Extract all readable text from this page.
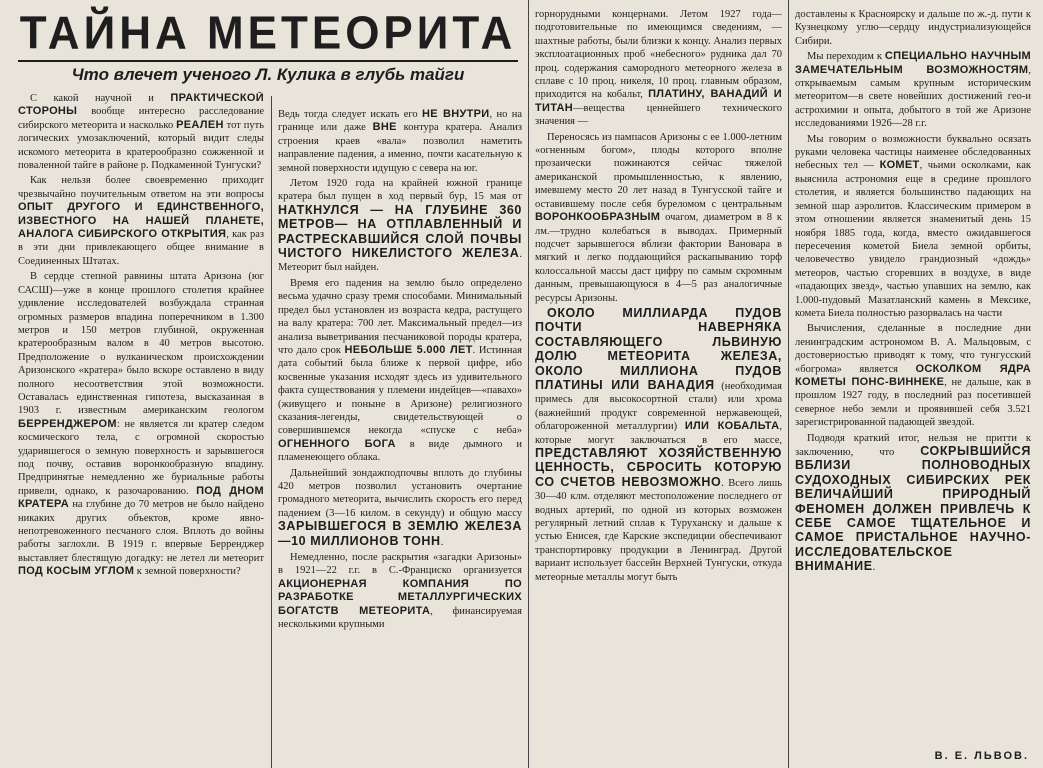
ТАЙНА МЕТЕОРИТА
Что влечет ученого Л. Кулика в глубь тайги

С какой научной и ПРАКТИЧЕСКОЙ СТОРОНЫ вообще интересно расследование сибирского метеорита и насколько РЕАЛЕН тот путь логических умозаключений, который видит следы искомого метеорита в кратерообразно сожженной и поваленной тайге в районе р. Подкаменной Тунгуски?

Как нельзя более своевременно приходит чрезвычайно поучительным ответом на эти вопросы ОПЫТ ДРУГОГО И ЕДИНСТВЕННОГО, ИЗВЕСТНОГО НА НАШЕЙ ПЛАНЕТЕ, АНАЛОГА СИБИРСКОГО ОТКРЫТИЯ, как раз в эти дни привлекающего общее внимание в Соединенных Штатах.

В сердце степной равнины штата Аризона (юг САСШ)—уже в конце прошлого столетия крайнее удивление исследователей возбуждала странная огромных размеров впадина поперечником в 1.300 метров и 150 метров глубиной, окруженная кратерообразным валом в 40 метров высотою. Предположение о вулканическом происхождении Аризонского «кратера» было вскоре оставлено в виду полного несоответствия этой возможности. Оставалась единственная гипотеза, высказанная в 1903 г. известным американским геологом БЕРРЕНДЖЕРОМ: не является ли кратер следом космического тела, с огромной скоростью ударившегося о земную поверхность и зарывшегося под почву, оставив воронкообразную впадину. Предпринятые немедленно же буриальные работы привели, однако, к разочарованию. ПОД ДНОМ КРАТЕРА на глубине до 70 метров не было найдено никаких других объектов, кроме явно-непотревоженного песчаного слоя. Вплоть до войны работы заглохли. В 1919 г. впервые Берренджер выставляет блестящую догадку: не летел ли метеорит ПОД КОСЫМ УГЛОМ к земной поверхности?

Ведь тогда следует искать его НЕ ВНУТРИ, но на границе или даже ВНЕ контура кратера. Анализ строения краев «вала» позволил наметить направление падения, а именно, почти касательную к земной поверхности идущую с севера на юг.

Летом 1920 года на крайней южной границе кратера был пущен в ход первый бур, 15 мая от НАТКНУЛСЯ — НА ГЛУБИНЕ 360 МЕТРОВ— НА ОТПЛАВЛЕННЫЙ И РАСТРЕСКАВШИЙСЯ СЛОЙ ПОЧВЫ ЧИСТОГО НИКЕЛИСТОГО ЖЕЛЕЗА. Метеорит был найден.

Время его падения на землю было определено весьма удачно сразу тремя способами. Минимальный предел был установлен из возраста кедра, растущего на валу кратера: 700 лет. Максимальный предел—из анализа выветривания песчаниковой породы кратера, что дало срок НЕБОЛЬШЕ 5.000 ЛЕТ. Истинная дата событий была ближе к первой цифре, ибо косвенные указания исходят здесь из удивительного факта существования у племени индейцев—«павахо» (живущего и поныне в Аризоне) религиозного сказания-легенды, свидетельствующей о совершившемся некогда «спуске с неба» ОГНЕННОГО БОГА в виде дымного и пламенеющего облака.

Дальнейший зондажподпочвы вплоть до глубины 420 метров позволил установить очертание громадного метеорита, вычислить скорость его перед падением (3—16 килом. в секунду) и общую массу ЗАРЫВШЕГОСЯ В ЗЕМЛЮ ЖЕЛЕЗА—10 МИЛЛИОНОВ ТОНН.

Немедленно, после раскрытия «загадки Аризоны» в 1921—22 г.г. в С.-Франциско организуется АКЦИОНЕРНАЯ КОМПАНИЯ ПО РАЗРАБОТКЕ МЕТАЛЛУРГИЧЕСКИХ БОГАТСТВ МЕТЕОРИТА, финансируемая несколькими крупными

горнорудными концернами. Летом 1927 года—подготовительные по имеющимся сведениям, — шахтные работы, были близки к концу. Анализ первых эксплоатационных проб «небесного» рудника дал 70 проц. содержания самородного метеорного железа в сплаве с 10 проц. никеля, 10 проц. главным образом, приходится на кобальт, ПЛАТИНУ, ВАНАДИЙ И ТИТАН—вещества ценнейшего технического значения —

Переносясь из пампасов Аризоны с ее 1.000-летним «огненным богом», плоды которого вполне прозаически пожинаются сейчас тяжелой американской промышленностью, к явлению, имевшему место 20 лет назад в Тунгусской тайге и оставившему после себя буреломом с центральным ВОРОНКООБРАЗНЫМ очагом, диаметром в 8 к лм.—трудно колебаться в выводах. Примерный подсчет зарывшегося вблизи фактории Вановара в мягкий и легко поддающийся раскапыванию торф колоссальной массы даст цифру по самым скромным данным, превышающуюся в 4—5 раз аналогичные ресурсы Аризоны.

ОКОЛО МИЛЛИАРДА ПУДОВ ПОЧТИ НАВЕРНЯКА СОСТАВЛЯЮЩЕГО ЛЬВИНУЮ ДОЛЮ МЕТЕОРИТА ЖЕЛЕЗА, ОКОЛО МИЛЛИОНА ПУДОВ ПЛАТИНЫ ИЛИ ВАНАДИЯ (необходимая примесь для высокосортной стали) или хрома (важнейший продукт современной нержавеющей, облагороженной металлургии) ИЛИ КОБАЛЬТА, которые могут заключаться в его массе, ПРЕДСТАВЛЯЮТ ХОЗЯЙСТВЕННУЮ ЦЕННОСТЬ, СБРОСИТЬ КОТОРУЮ СО СЧЕТОВ НЕВОЗМОЖНО. Всего лишь 30—40 клм. отделяют местоположение последнего от водных артерий, по одной из которых возможен регулярный летний сплав к Туруханску и дальше к устью Енисея, где Карские экспедиции обеспечивают транспортировку продукции в Ленинград. Другой вариант использует бассейн Верхней Тунгуски, откуда метеорные металлы могут быть

доставлены к Красноярску и дальше по ж.-д. пути к Кузнецкому углю—сердцу индустриализующейся Сибири.

Мы переходим к СПЕЦИАЛЬНО НАУЧНЫМ ЗАМЕЧАТЕЛЬНЫМ ВОЗМОЖНОСТЯМ, открываемым самым крупным историческим метеоритом—в свете новейших достижений гео-и астрохимии и опыта, добытого в той же Аризоне исследованиями 1926—28 г.г.

Мы говорим о возможности буквально осязать руками человека частицы наименее обследованных небесных тел — КОМЕТ, чьими осколками, как выяснила астрономия еще в средине прошлого столетия, и является большинство падающих на земной шар аэролитов. Классическим примером в этом отношении является знаменитый день 15 ноября 1885 года, когда, вместо ожидавшегося пересечения кометой Биела земной орбиты, человечество увидело грандиозный «дождь» метеоров, частью сгоревших в воздухе, в виде «падающих звезд», частью упавших на землю, как 1.000-пудовый Мазатланский камень в Мексике, комета Биела полностью разорвалась на части

Вычисления, сделанные в последние дни ленинградским астрономом В. А. Мальцовым, с достоверностью приводят к тому, что тунгусский «богрома» является ОСКОЛКОМ ЯДРА КОМЕТЫ ПОНС-ВИННЕКЕ, не дальше, как в прошлом 1927 году, в последний раз посетившей северное небо земли и проявившей себя 3.521 зарегистрированной падающей звездой.

Подводя краткий итог, нельзя не притти к заключению, что СОКРЫВШИЙСЯ ВБЛИЗИ ПОЛНОВОДНЫХ СУДОХОДНЫХ СИБИРСКИХ РЕК ВЕЛИЧАЙШИЙ ПРИРОДНЫЙ ФЕНОМЕН ДОЛЖЕН ПРИВЛЕЧЬ К СЕБЕ САМОЕ ТЩАТЕЛЬНОЕ И САМОЕ ПРИСТАЛЬНОЕ НАУЧНО-ИССЛЕДОВАТЕЛЬСКОЕ ВНИМАНИЕ.

В. Е. ЛЬВОВ.
